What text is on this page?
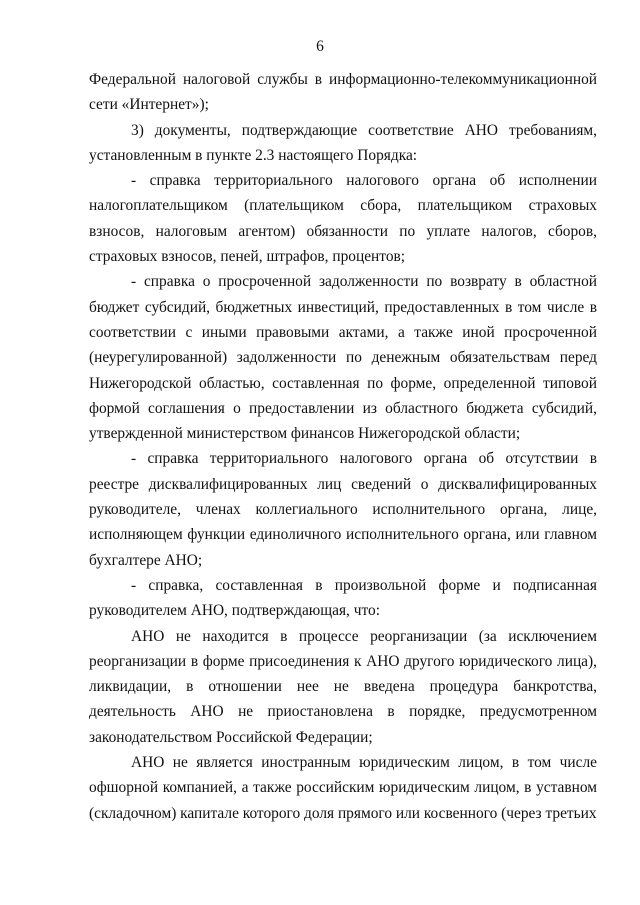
6

Федеральной налоговой службы в информационно-телекоммуникационной сети «Интернет»);

3) документы, подтверждающие соответствие АНО требованиям, установленным в пункте 2.3 настоящего Порядка:

- справка территориального налогового органа об исполнении налогоплательщиком (плательщиком сбора, плательщиком страховых взносов, налоговым агентом) обязанности по уплате налогов, сборов, страховых взносов, пеней, штрафов, процентов;

- справка о просроченной задолженности по возврату в областной бюджет субсидий, бюджетных инвестиций, предоставленных в том числе в соответствии с иными правовыми актами, а также иной просроченной (неурегулированной) задолженности по денежным обязательствам перед Нижегородской областью, составленная по форме, определенной типовой формой соглашения о предоставлении из областного бюджета субсидий, утвержденной министерством финансов Нижегородской области;

- справка территориального налогового органа об отсутствии в реестре дисквалифицированных лиц сведений о дисквалифицированных руководителе, членах коллегиального исполнительного органа, лице, исполняющем функции единоличного исполнительного органа, или главном бухгалтере АНО;

- справка, составленная в произвольной форме и подписанная руководителем АНО, подтверждающая, что:

АНО не находится в процессе реорганизации (за исключением реорганизации в форме присоединения к АНО другого юридического лица), ликвидации, в отношении нее не введена процедура банкротства, деятельность АНО не приостановлена в порядке, предусмотренном законодательством Российской Федерации;

АНО не является иностранным юридическим лицом, в том числе офшорной компанией, а также российским юридическим лицом, в уставном (складочном) капитале которого доля прямого или косвенного (через третьих
